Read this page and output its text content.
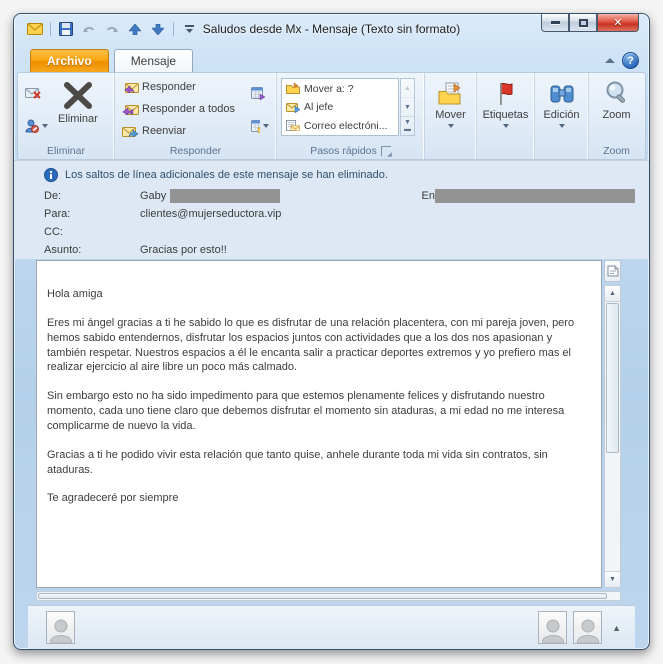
Saludos desde Mx - Mensaje (Texto sin formato)	✕
Archivo	Mensaje	?
Eliminar
Eliminar
Responder
Responder a todos
Reenviar
Responder
Mover a: ?
Al jefe
Correo electróni...
▲
▼
▼
▬
Pasos rápidos
◢
Mover Etiquetas Edición Zoom
Zoom
Los saltos de línea adicionales de este mensaje se han eliminado.
De:	Gaby	En
Para:	clientes@mujerseductora.vip
CC:
Asunto:	Gracias por esto!!

Hola amiga

Eres mi ángel gracias a ti he sabido lo que es disfrutar de una relación placentera, con mi pareja joven, pero hemos sabido entendernos, disfrutar los espacios juntos con actividades que a los dos nos apasionan y también respetar. Nuestros espacios a él le encanta salir a practicar deportes extremos y yo prefiero mas el realizar ejercicio al aire libre un poco más calmado.

Sin embargo esto no ha sido impedimento para que estemos plenamente felices y disfrutando nuestro momento, cada uno tiene claro que debemos disfrutar el momento sin ataduras, a mi edad no me interesa complicarme de nuevo la vida.

Gracias a ti he podido vivir esta relación que tanto quise, anhele durante toda mi vida sin contratos, sin ataduras.

Te agradeceré por siempre

▲
▼
▲
